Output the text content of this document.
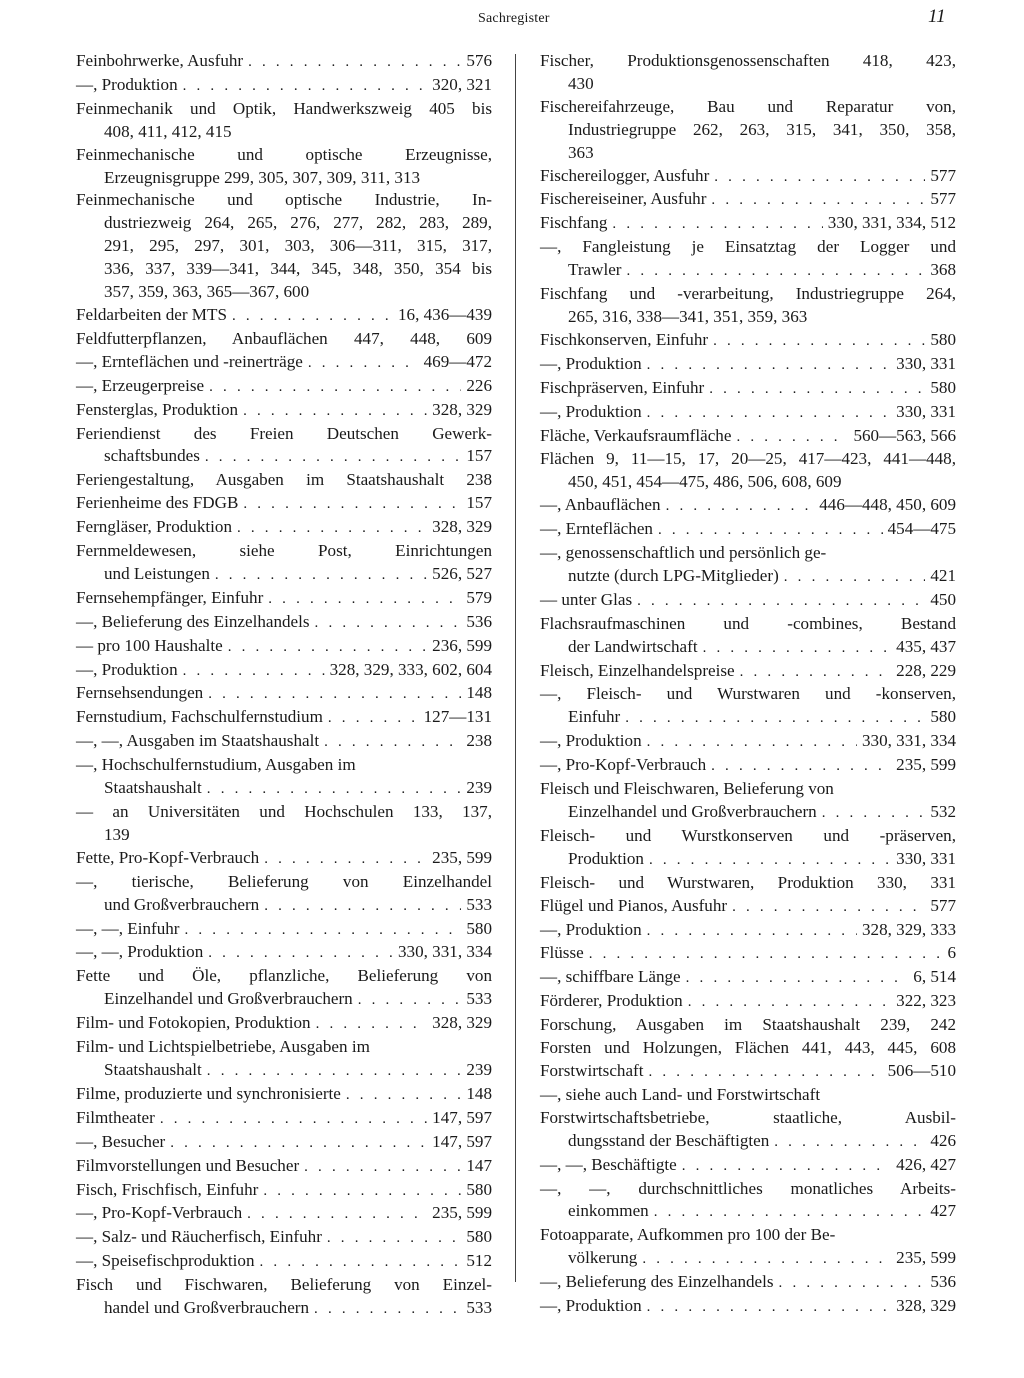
Sachregister	11
Feinbohrwerke, Ausfuhr . . .	576
—, Produktion . . .	320, 321
Feinmechanik und Optik, Handwerkszweig 405 bis
408, 411, 412, 415
Feinmechanische und optische Erzeugnisse,
Erzeugnisgruppe 299, 305, 307, 309, 311, 313
Feinmechanische und optische Industrie, In-
dustriezweig 264, 265, 276, 277, 282, 283, 289,
291, 295, 297, 301, 303, 306—311, 315, 317,
336, 337, 339—341, 344, 345, 348, 350, 354 bis
357, 359, 363, 365—367, 600
Feldarbeiten der MTS . . .	16, 436—439
Feldfutterpflanzen, Anbauflächen 447, 448, 609
—, Ernteflächen und -reinerträge . . .	469—472
—, Erzeugerpreise . . .	226
Fensterglas, Produktion . . .	328, 329
Feriendienst des Freien Deutschen Gewerk-
schaftsbundes . . .	157
Feriengestaltung, Ausgaben im Staatshaushalt 238
Ferienheime des FDGB . . .	157
Ferngläser, Produktion . . .	328, 329
Fernmeldewesen, siehe Post, Einrichtungen
und Leistungen . . .	526, 527
Fernsehempfänger, Einfuhr . . .	579
—, Belieferung des Einzelhandels . . .	536
— pro 100 Haushalte . . .	236, 599
—, Produktion . . .	328, 329, 333, 602, 604
Fernsehsendungen . . .	148
Fernstudium, Fachschulfernstudium . . .	127—131
—, —, Ausgaben im Staatshaushalt . . .	238
—, Hochschulfernstudium, Ausgaben im
Staatshaushalt . . .	239
— an Universitäten und Hochschulen 133, 137,
139
Fette, Pro-Kopf-Verbrauch . . .	235, 599
—, tierische, Belieferung von Einzelhandel
und Großverbrauchern . . .	533
—, —, Einfuhr . . .	580
—, —, Produktion . . .	330, 331, 334
Fette und Öle, pflanzliche, Belieferung von
Einzelhandel und Großverbrauchern . . .	533
Film- und Fotokopien, Produktion . . .	328, 329
Film- und Lichtspielbetriebe, Ausgaben im
Staatshaushalt . . .	239
Filme, produzierte und synchronisierte . . .	148
Filmtheater . . .	147, 597
—, Besucher . . .	147, 597
Filmvorstellungen und Besucher . . .	147
Fisch, Frischfisch, Einfuhr . . .	580
—, Pro-Kopf-Verbrauch . . .	235, 599
—, Salz- und Räucherfisch, Einfuhr . . .	580
—, Speisefischproduktion . . .	512
Fisch und Fischwaren, Belieferung von Einzel-
handel und Großverbrauchern . . .	533
Fischer, Produktionsgenossenschaften 418, 423,
430
Fischereifahrzeuge, Bau und Reparatur von,
Industriegruppe 262, 263, 315, 341, 350, 358,
363
Fischereilogger, Ausfuhr . . .	577
Fischereiseiner, Ausfuhr . . .	577
Fischfang . . .	330, 331, 334, 512
—, Fangleistung je Einsatztag der Logger und
Trawler . . .	368
Fischfang und -verarbeitung, Industriegruppe 264,
265, 316, 338—341, 351, 359, 363
Fischkonserven, Einfuhr . . .	580
—, Produktion . . .	330, 331
Fischpräserven, Einfuhr . . .	580
—, Produktion . . .	330, 331
Fläche, Verkaufsraumfläche . . .	560—563, 566
Flächen 9, 11—15, 17, 20—25, 417—423, 441—448,
450, 451, 454—475, 486, 506, 608, 609
—, Anbauflächen . . .	446—448, 450, 609
—, Ernteflächen . . .	454—475
—, genossenschaftlich und persönlich ge-
nutzte (durch LPG-Mitglieder) . . .	421
— unter Glas . . .	450
Flachsraufmaschinen und -combines, Bestand
der Landwirtschaft . . .	435, 437
Fleisch, Einzelhandelspreise . . .	228, 229
—, Fleisch- und Wurstwaren und -konserven,
Einfuhr . . .	580
—, Produktion . . .	330, 331, 334
—, Pro-Kopf-Verbrauch . . .	235, 599
Fleisch und Fleischwaren, Belieferung von
Einzelhandel und Großverbrauchern . . .	532
Fleisch- und Wurstkonserven und -präserven,
Produktion . . .	330, 331
Fleisch- und Wurstwaren, Produktion 330, 331
Flügel und Pianos, Ausfuhr . . .	577
—, Produktion . . .	328, 329, 333
Flüsse . . .	6
—, schiffbare Länge . . .	6, 514
Förderer, Produktion . . .	322, 323
Forschung, Ausgaben im Staatshaushalt 239, 242
Forsten und Holzungen, Flächen 441, 443, 445, 608
Forstwirtschaft . . .	506—510
—, siehe auch Land- und Forstwirtschaft
Forstwirtschaftsbetriebe, staatliche, Ausbil-
dungsstand der Beschäftigten . . .	426
—, —, Beschäftigte . . .	426, 427
—, —, durchschnittliches monatliches Arbeits-
einkommen . . .	427
Fotoapparate, Aufkommen pro 100 der Be-
völkerung . . .	235, 599
—, Belieferung des Einzelhandels . . .	536
—, Produktion . . .	328, 329
